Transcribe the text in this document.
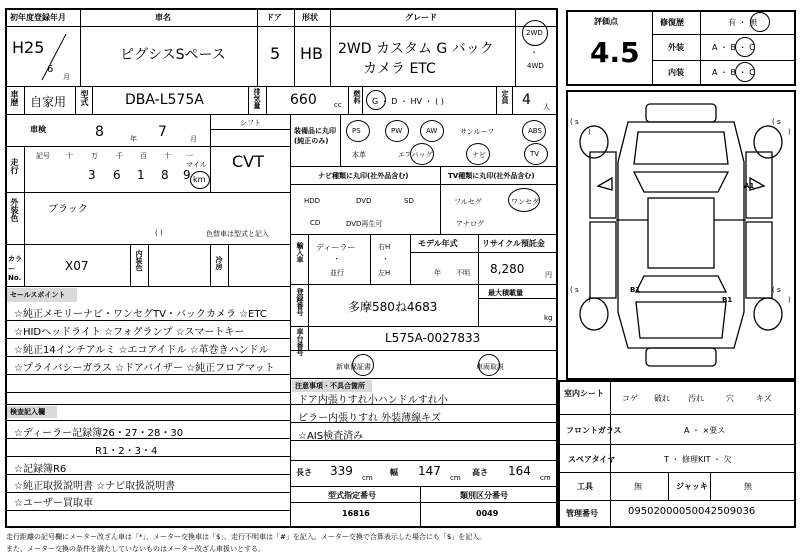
初年度登録年月	車名	ドア	形状	グレード
H25
6
月
ピグシスSペース	5 HB 2WD カスタム G バック
カメラ ETC
2WD
・
4WD
車歴 自家用 型式	DBA-L575A	排気量 660 cc
燃料 G ・ D ・ HV ・ ( )	定員 4 人
車検	8	年 7	月
シフト
CVT
走行
記号 十	万	千 百 十 一
3 6 1 8 9
マイル
km
外装色	ブラック
( )	色替車は型式と記入
カラーNo.
X07	内装色	冷房
セールスポイント
☆純正メモリーナビ・ワンセグTV・バックカメラ ☆ETC
☆HIDヘッドライト ☆フォグランプ ☆スマートキー
☆純正14インチアルミ ☆エコアイドル ☆革巻きハンドル
☆プライバシーガラス ☆ドアバイザー ☆純正フロアマット
検査記入欄
☆ディーラー記録簿26・27・28・30
R1・2・3・4
☆記録簿R6
☆純正取扱説明書 ☆ナビ取扱説明書
☆ユーザー買取車
装備品に丸印(純正のみ)
PS	PW	AW	サンルーフ	ABS
本革	エアバッグ	ナビ	TV
ナビ種類に丸印(社外品含む)	TV種類に丸印(社外品含む)
HDD	DVD	SD
CD	DVD再生可
フルセグ	ワンセグ
アナログ
輸入車 ディーラー
・
並行
右H
・
左H
モデル年式
年 不明
リサイクル預託金
8,280	円
登録番号	多摩580ね4683
最大積載量
kg
車台番号	L575A-0027833
新車保証書	車両取説
注意事項・不具合箇所
ドア内張りすれ小ハンドルすれ小
ピラー内張りすれ 外装薄線キズ
☆AIS検査済み
長さ 339 cm
幅 147 cm
高さ 164 cm
型式指定番号
16816
類別区分番号
0049
評価点
4.5
修復歴	有 ・ 無
外装	A ・ B ・ C
内装	A ・ B ・ C
( s
)
( s
)
( s
)
( s
)
A1
B1
B1
室内シート
コゲ 破れ 汚れ	穴	キズ
フロントガラス	A ・ ×要ス
スペアタイヤ	T ・ 修理KIT ・ 欠
工具	無	ジャッキ	無
管理番号	09502000050042509036
走行距離の記号欄にメーター改ざん車は「*」、メーター交換車は「$」、走行不明車は「#」を記入。メーター交換で合算表示した場合にも「$」を記入。
また、メーター交換の条件を満たしていないものはメーター改ざん車扱いとする。
